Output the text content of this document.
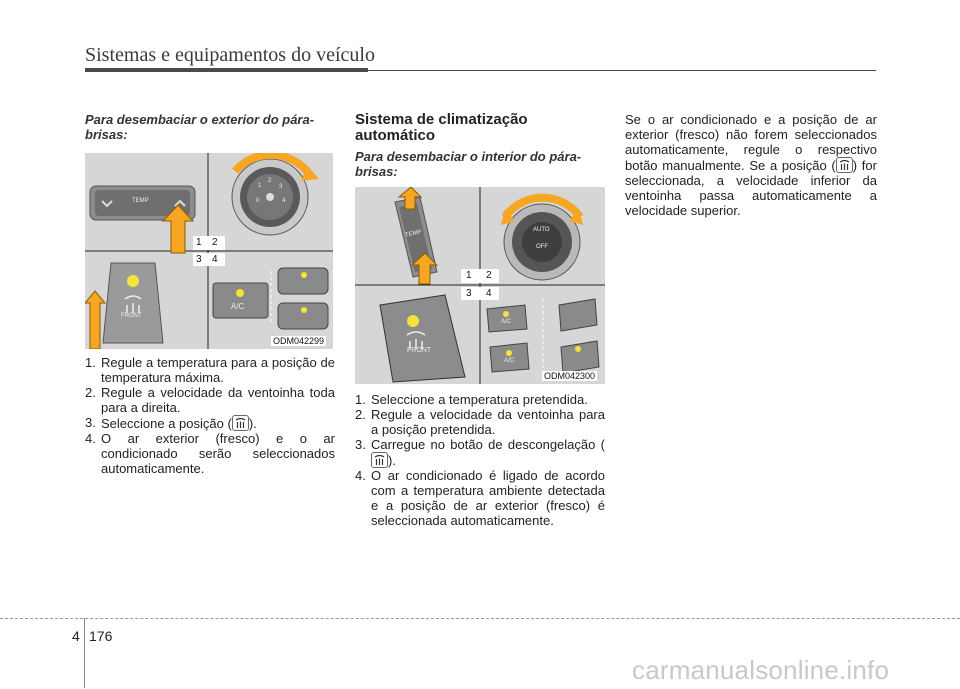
Sistemas e equipamentos do veículo
Para desembaciar o exterior do pára-brisas:
TEMP
FRONT
A/C
0
1
2
3
4
1 2
3 4
ODM042299
1. Regule a temperatura para a posição de temperatura máxima.
2. Regule a velocidade da ventoinha toda para a direita.
3. Seleccione a posição ( ).
4. O ar exterior (fresco) e o ar condicionado serão seleccionados automaticamente.
Sistema de climatização automático
Para desembaciar o interior do pára-brisas:
TEMP	AUTO
OFF
FRONT
A/C
A/C
1 2
3 4
ODM042300
1. Seleccione a temperatura pretendida.
2. Regule a velocidade da ventoinha para a posição pretendida.
3. Carregue no botão de descongelação (
).
4. O ar condicionado é ligado de acordo com a temperatura ambiente detectada e a posição de ar exterior (fresco) é seleccionada automaticamente.

Se o ar condicionado e a posição de ar exterior (fresco) não forem seleccionados automaticamente, regule o respectivo botão manualmente. Se a posição ( ) for seleccionada, a velocidade inferior da ventoinha passa automaticamente a velocidade superior.

4 176
carmanualsonline.info
